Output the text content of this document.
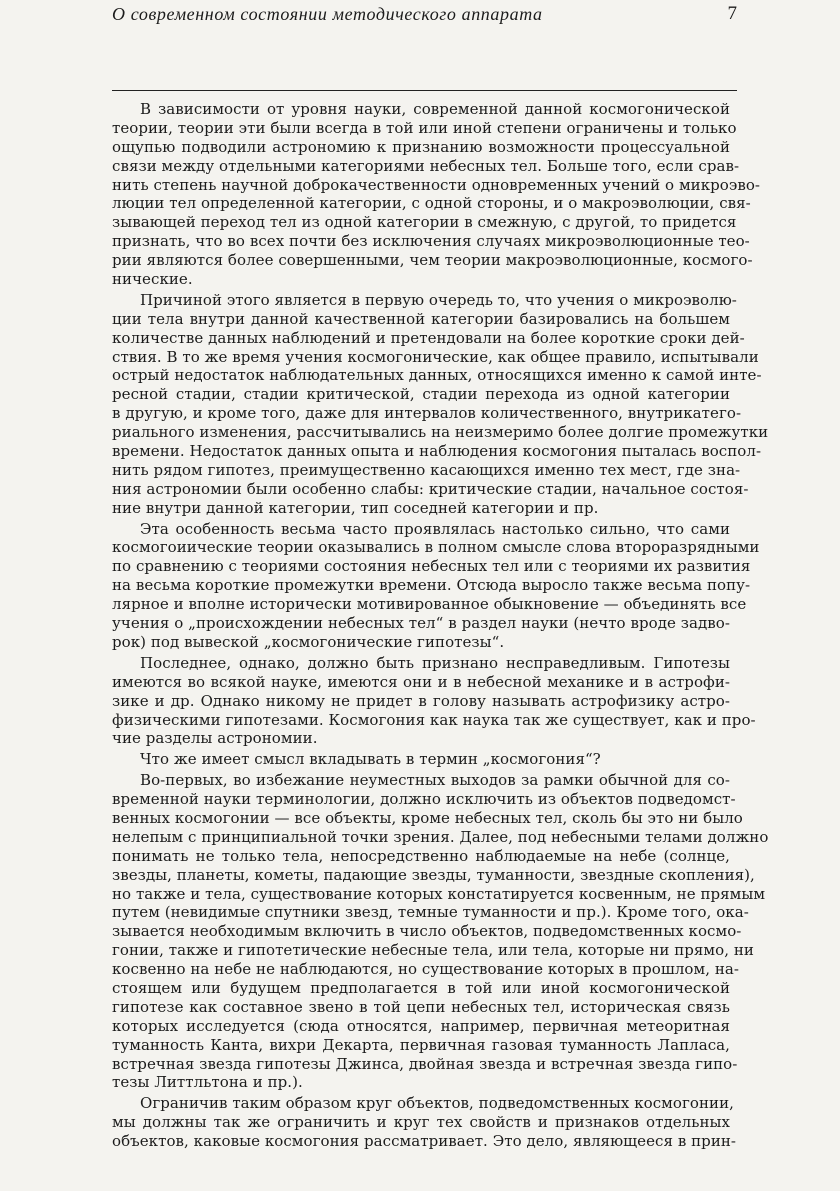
О современном состоянии методического аппарата	7
В зависимости от уровня науки, современной данной космогонической
теории, теории эти были всегда в той или иной степени ограничены и только
ощупью подводили астрономию к признанию возможности процессуальной
связи между отдельными категориями небесных тел. Больше того, если срав-
нить степень научной доброкачественности одновременных учений о микроэво-
люции тел определенной категории, с одной стороны, и о макроэволюции, свя-
зывающей переход тел из одной категории в смежную, с другой, то придется
признать, что во всех почти без исключения случаях микроэволюционные тео-
рии являются более совершенными, чем теории макроэволюционные, космого-
нические.
Причиной этого является в первую очередь то, что учения о микроэволю-
ции тела внутри данной качественной категории базировались на большем
количестве данных наблюдений и претендовали на более короткие сроки дей-
ствия. В то же время учения космогонические, как общее правило, испытывали
острый недостаток наблюдательных данных, относящихся именно к самой инте-
ресной стадии, стадии критической, стадии перехода из одной категории
в другую, и кроме того, даже для интервалов количественного, внутрикатего-
риального изменения, рассчитывались на неизмеримо более долгие промежутки
времени. Недостаток данных опыта и наблюдения космогония пыталась воспол-
нить рядом гипотез, преимущественно касающихся именно тех мест, где зна-
ния астрономии были особенно слабы: критические стадии, начальное состоя-
ние внутри данной категории, тип соседней категории и пр.
Эта особенность весьма часто проявлялась настолько сильно, что сами
космогоиические теории оказывались в полном смысле слова второразрядными
по сравнению с теориями состояния небесных тел или с теориями их развития
на весьма короткие промежутки времени. Отсюда выросло также весьма попу-
лярное и вполне исторически мотивированное обыкновение — объединять все
учения о „происхождении небесных тел“ в раздел науки (нечто вроде задво-
рок) под вывеской „космогонические гипотезы“.
Последнее, однако, должно быть признано несправедливым. Гипотезы
имеются во всякой науке, имеются они и в небесной механике и в астрофи-
зике и др. Однако никому не придет в голову называть астрофизику астро-
физическими гипотезами. Космогония как наука так же существует, как и про-
чие разделы астрономии.
Что же имеет смысл вкладывать в термин „космогония“?
Во-первых, во избежание неуместных выходов за рамки обычной для со-
временной науки терминологии, должно исключить из объектов подведомст-
венных космогонии — все объекты, кроме небесных тел, сколь бы это ни было
нелепым с принципиальной точки зрения. Далее, под небесными телами должно
понимать не только тела, непосредственно наблюдаемые на небе (солнце,
звезды, планеты, кометы, падающие звезды, туманности, звездные скопления),
но также и тела, существование которых констатируется косвенным, не прямым
путем (невидимые спутники звезд, темные туманности и пр.). Кроме того, ока-
зывается необходимым включить в число объектов, подведомственных космо-
гонии, также и гипотетические небесные тела, или тела, которые ни прямо, ни
косвенно на небе не наблюдаются, но существование которых в прошлом, на-
стоящем или будущем предполагается в той или иной космогонической
гипотезе как составное звено в той цепи небесных тел, историческая связь
которых исследуется (сюда относятся, например, первичная метеоритная
туманность Канта, вихри Декарта, первичная газовая туманность Лапласа,
встречная звезда гипотезы Джинса, двойная звезда и встречная звезда гипо-
тезы Литтльтона и пр.).
Ограничив таким образом круг объектов, подведомственных космогонии,
мы должны так же ограничить и круг тех свойств и признаков отдельных
объектов, каковые космогония рассматривает. Это дело, являющееся в прин-
